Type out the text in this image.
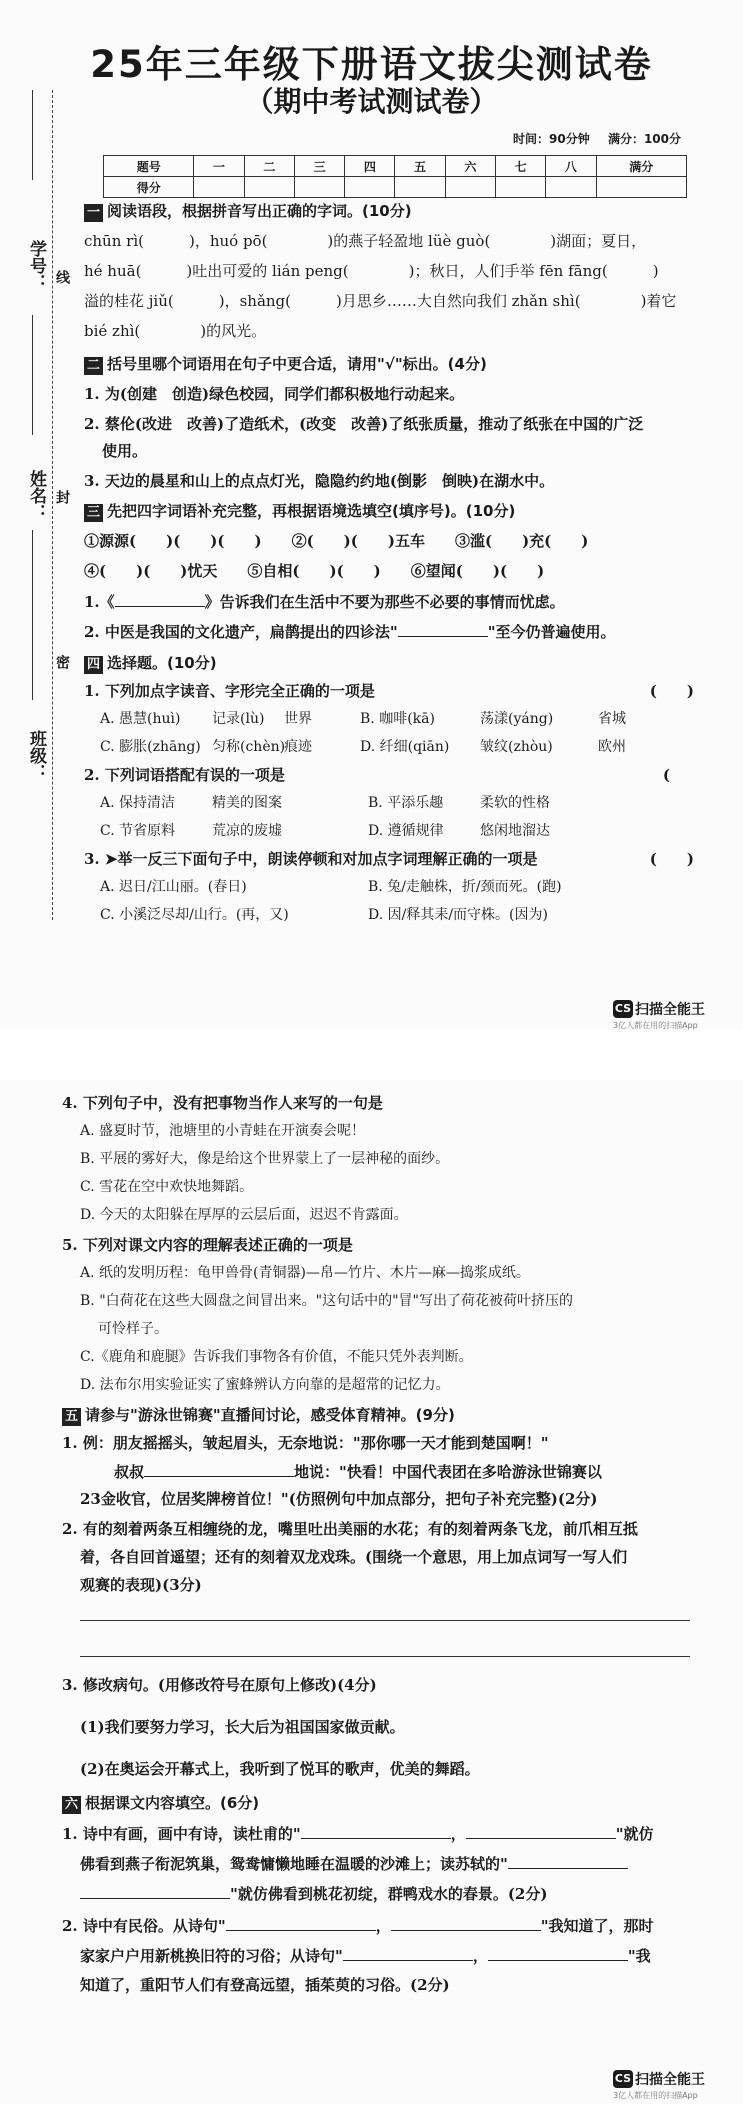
25年三年级下册语文拔尖测试卷
（期中考试测试卷）
时间：90分钟 满分：100分
题号	一	二	三	四	五	六	七	八	满分
得分									
学号： 线
姓名： 封
密
班级：
一 阅读语段，根据拼音写出正确的字词。(10分)
chūn rì(　　　)，huó pō(　　　　)的燕子轻盈地 lüè guò(　　　　)湖面；夏日，
hé huā(　　　)吐出可爱的 lián peng(　　　　)；秋日，人们手举 fēn fāng(　　　)
溢的桂花 jiǔ(　　　)，shǎng(　　　)月思乡……大自然向我们 zhǎn shì(　　　　)着它
bié zhì(　　　　)的风光。
二 括号里哪个词语用在句子中更合适，请用"√"标出。(4分)
1. 为(创建　创造)绿色校园，同学们都积极地行动起来。
2. 蔡伦(改进　改善)了造纸术，(改变　改善)了纸张质量，推动了纸张在中国的广泛
使用。
3. 天边的晨星和山上的点点灯光，隐隐约约地(倒影　倒映)在湖水中。
三 先把四字词语补充完整，再根据语境选填空(填序号)。(10分)
①源源(　　)(　　)(　　)　　②(　　)(　　)五车　　③滥(　　)充(　　)
④(　　)(　　)忧天　　⑤自相(　　)(　　)　　⑥望闻(　　)(　　)
1.《	》告诉我们在生活中不要为那些不必要的事情而忧虑。
2. 中医是我国的文化遗产，扁鹊提出的四诊法"	"至今仍普遍使用。
四 选择题。(10分)
1. 下列加点字读音、字形完全正确的一项是	(　　)
A. 愚慧(huì) 记录(lù) 世界	B. 咖啡(kā)	荡漾(yáng)	省城
C. 膨胀(zhāng) 匀称(chèn)痕迹	D. 纤细(qiān) 皱纹(zhòu)	欧州
2. 下列词语搭配有误的一项是	(
A. 保持清洁	精美的图案	B. 平添乐趣	柔软的性格
C. 节省原料	荒凉的废墟	D. 遵循规律	悠闲地溜达
3. ➤举一反三下面句子中，朗读停顿和对加点字词理解正确的一项是	(　　)
A. 迟日/江山丽。(春日)	B. 兔/走触株，折/颈而死。(跑)
C. 小溪泛尽却/山行。(再，又)	D. 因/释其耒/而守株。(因为)
CS 扫描全能王
3亿人都在用的扫描App
4. 下列句子中，没有把事物当作人来写的一句是
A. 盛夏时节，池塘里的小青蛙在开演奏会呢！
B. 平展的雾好大，像是给这个世界蒙上了一层神秘的面纱。
C. 雪花在空中欢快地舞蹈。
D. 今天的太阳躲在厚厚的云层后面，迟迟不肯露面。
5. 下列对课文内容的理解表述正确的一项是
A. 纸的发明历程：龟甲兽骨(青铜器)—帛—竹片、木片—麻—捣浆成纸。
B. "白荷花在这些大圆盘之间冒出来。"这句话中的"冒"写出了荷花被荷叶挤压的
可怜样子。
C.《鹿角和鹿腿》告诉我们事物各有价值，不能只凭外表判断。
D. 法布尔用实验证实了蜜蜂辨认方向靠的是超常的记忆力。
五 请参与"游泳世锦赛"直播间讨论，感受体育精神。(9分)
1. 例：朋友摇摇头，皱起眉头，无奈地说："那你哪一天才能到楚国啊！"
叔叔	地说："快看！中国代表团在多哈游泳世锦赛以
23金收官，位居奖牌榜首位！"(仿照例句中加点部分，把句子补充完整)(2分)
2. 有的刻着两条互相缠绕的龙，嘴里吐出美丽的水花；有的刻着两条飞龙，前爪相互抵
着，各自回首遥望；还有的刻着双龙戏珠。(围绕一个意思，用上加点词写一写人们
观赛的表现)(3分)
3. 修改病句。(用修改符号在原句上修改)(4分)
(1)我们要努力学习，长大后为祖国国家做贡献。
(2)在奥运会开幕式上，我听到了悦耳的歌声，优美的舞蹈。
六 根据课文内容填空。(6分)
1. 诗中有画，画中有诗，读杜甫的"	，	"就仿
佛看到燕子衔泥筑巢，鸳鸯慵懒地睡在温暖的沙滩上；读苏轼的"
"就仿佛看到桃花初绽，群鸭戏水的春景。(2分)
2. 诗中有民俗。从诗句"	，	"我知道了，那时
家家户户用新桃换旧符的习俗；从诗句"	，	"我
知道了，重阳节人们有登高远望，插茱萸的习俗。(2分)
CS 扫描全能王
3亿人都在用的扫描App
